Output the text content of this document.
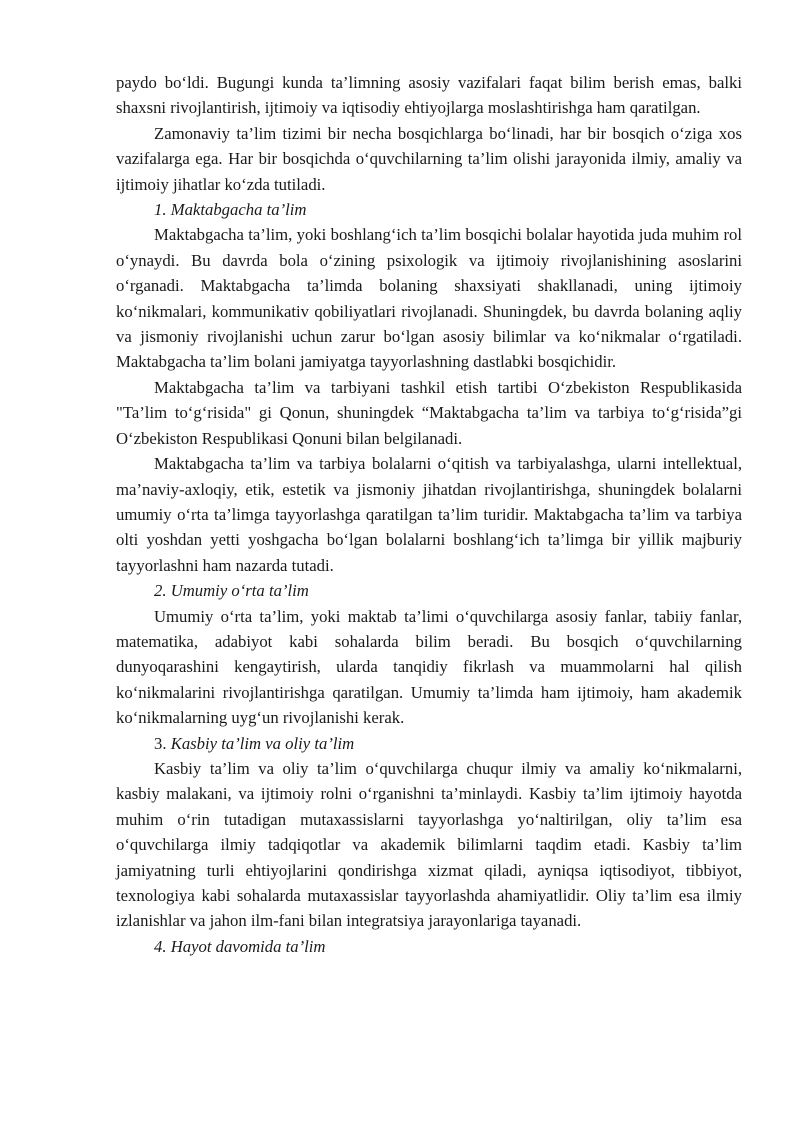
paydo bo‘ldi. Bugungi kunda ta’limning asosiy vazifalari faqat bilim berish emas, balki shaxsni rivojlantirish, ijtimoiy va iqtisodiy ehtiyojlarga moslashtirishga ham qaratilgan.

Zamonaviy ta’lim tizimi bir necha bosqichlarga bo‘linadi, har bir bosqich o‘ziga xos vazifalarga ega. Har bir bosqichda o‘quvchilarning ta’lim olishi jarayonida ilmiy, amaliy va ijtimoiy jihatlar ko‘zda tutiladi.

1. Maktabgacha ta’lim

Maktabgacha ta’lim, yoki boshlang‘ich ta’lim bosqichi bolalar hayotida juda muhim rol o‘ynaydi. Bu davrda bola o‘zining psixologik va ijtimoiy rivojlanishining asoslarini o‘rganadi. Maktabgacha ta’limda bolaning shaxsiyati shakllanadi, uning ijtimoiy ko‘nikmalari, kommunikativ qobiliyatlari rivojlanadi. Shuningdek, bu davrda bolaning aqliy va jismoniy rivojlanishi uchun zarur bo‘lgan asosiy bilimlar va ko‘nikmalar o‘rgatiladi. Maktabgacha ta’lim bolani jamiyatga tayyorlashning dastlabki bosqichidir.

Maktabgacha ta’lim va tarbiyani tashkil etish tartibi O‘zbekiston Respublikasida "Ta’lim to‘g‘risida" gi Qonun, shuningdek “Maktabgacha ta’lim va tarbiya to‘g‘risida”gi O‘zbekiston Respublikasi Qonuni bilan belgilanadi.

Maktabgacha ta’lim va tarbiya bolalarni o‘qitish va tarbiyalashga, ularni intellektual, ma’naviy-axloqiy, etik, estetik va jismoniy jihatdan rivojlantirishga, shuningdek bolalarni umumiy o‘rta ta’limga tayyorlashga qaratilgan ta’lim turidir. Maktabgacha ta’lim va tarbiya olti yoshdan yetti yoshgacha bo‘lgan bolalarni boshlang‘ich ta’limga bir yillik majburiy tayyorlashni ham nazarda tutadi.

2. Umumiy o‘rta ta’lim

Umumiy o‘rta ta’lim, yoki maktab ta’limi o‘quvchilarga asosiy fanlar, tabiiy fanlar, matematika, adabiyot kabi sohalarda bilim beradi. Bu bosqich o‘quvchilarning dunyoqarashini kengaytirish, ularda tanqidiy fikrlash va muammolarni hal qilish ko‘nikmalarini rivojlantirishga qaratilgan. Umumiy ta’limda ham ijtimoiy, ham akademik ko‘nikmalarning uyg‘un rivojlanishi kerak.

3. Kasbiy ta’lim va oliy ta’lim

Kasbiy ta’lim va oliy ta’lim o‘quvchilarga chuqur ilmiy va amaliy ko‘nikmalarni, kasbiy malakani, va ijtimoiy rolni o‘rganishni ta’minlaydi. Kasbiy ta’lim ijtimoiy hayotda muhim o‘rin tutadigan mutaxassislarni tayyorlashga yo‘naltirilgan, oliy ta’lim esa o‘quvchilarga ilmiy tadqiqotlar va akademik bilimlarni taqdim etadi. Kasbiy ta’lim jamiyatning turli ehtiyojlarini qondirishga xizmat qiladi, ayniqsa iqtisodiyot, tibbiyot, texnologiya kabi sohalarda mutaxassislar tayyorlashda ahamiyatlidir. Oliy ta’lim esa ilmiy izlanishlar va jahon ilm-fani bilan integratsiya jarayonlariga tayanadi.

4. Hayot davomida ta’lim
